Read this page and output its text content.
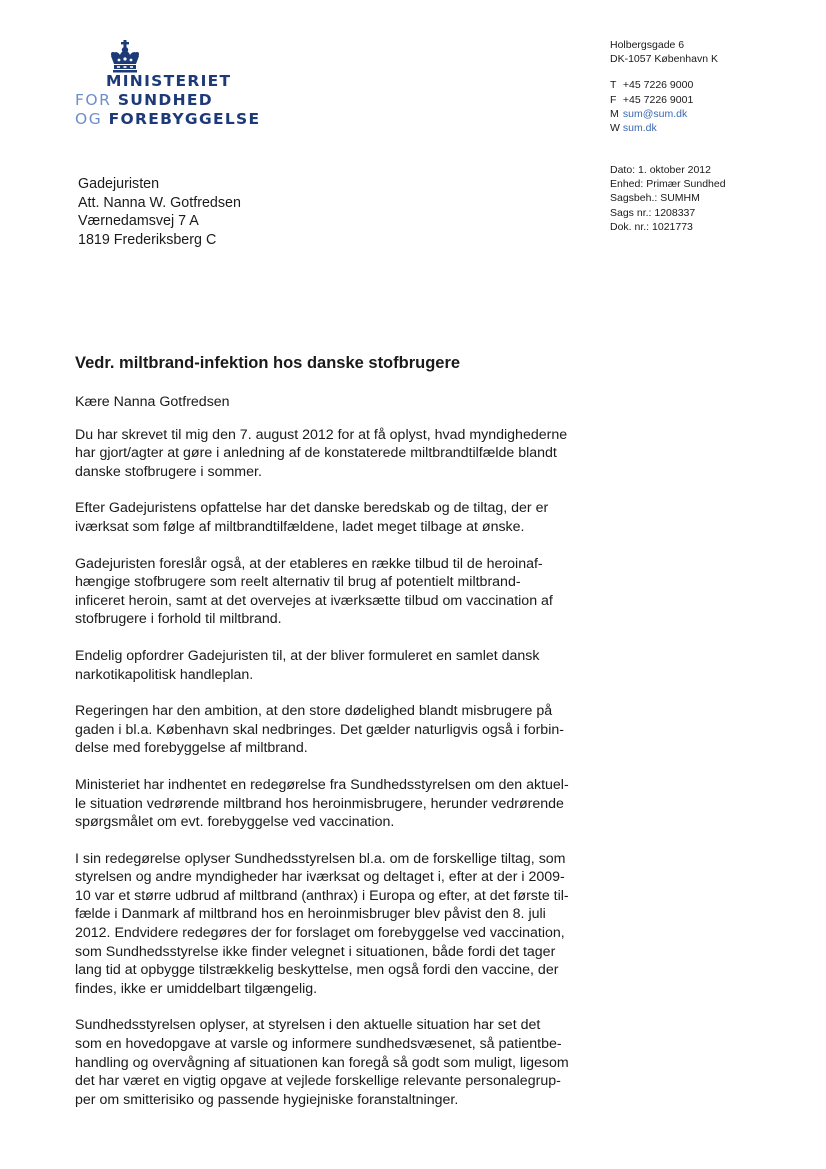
MINISTERIET
FOR SUNDHED
OG FOREBYGGELSE
Holbergsgade 6
DK-1057 København K
T +45 7226 9000
F +45 7226 9001
M sum@sum.dk
W sum.dk
Dato: 1. oktober 2012
Enhed: Primær Sundhed
Sagsbeh.: SUMHM
Sags nr.: 1208337
Dok. nr.: 1021773
Gadejuristen
Att. Nanna W. Gotfredsen
Værnedamsvej 7 A
1819 Frederiksberg C
Vedr. miltbrand-infektion hos danske stofbrugere
Kære Nanna Gotfredsen
Du har skrevet til mig den 7. august 2012 for at få oplyst, hvad myndighederne
har gjort/agter at gøre i anledning af de konstaterede miltbrandtilfælde blandt
danske stofbrugere i sommer.
Efter Gadejuristens opfattelse har det danske beredskab og de tiltag, der er
iværksat som følge af miltbrandtilfældene, ladet meget tilbage at ønske.
Gadejuristen foreslår også, at der etableres en række tilbud til de heroinaf-
hængige stofbrugere som reelt alternativ til brug af potentielt miltbrand-
inficeret heroin, samt at det overvejes at iværksætte tilbud om vaccination af
stofbrugere i forhold til miltbrand.
Endelig opfordrer Gadejuristen til, at der bliver formuleret en samlet dansk
narkotikapolitisk handleplan.
Regeringen har den ambition, at den store dødelighed blandt misbrugere på
gaden i bl.a. København skal nedbringes. Det gælder naturligvis også i forbin-
delse med forebyggelse af miltbrand.
Ministeriet har indhentet en redegørelse fra Sundhedsstyrelsen om den aktuel-
le situation vedrørende miltbrand hos heroinmisbrugere, herunder vedrørende
spørgsmålet om evt. forebyggelse ved vaccination.
I sin redegørelse oplyser Sundhedsstyrelsen bl.a. om de forskellige tiltag, som
styrelsen og andre myndigheder har iværksat og deltaget i, efter at der i 2009-
10 var et større udbrud af miltbrand (anthrax) i Europa og efter, at det første til-
fælde i Danmark af miltbrand hos en heroinmisbruger blev påvist den 8. juli
2012. Endvidere redegøres der for forslaget om forebyggelse ved vaccination,
som Sundhedsstyrelse ikke finder velegnet i situationen, både fordi det tager
lang tid at opbygge tilstrækkelig beskyttelse, men også fordi den vaccine, der
findes, ikke er umiddelbart tilgængelig.
Sundhedsstyrelsen oplyser, at styrelsen i den aktuelle situation har set det
som en hovedopgave at varsle og informere sundhedsvæsenet, så patientbe-
handling og overvågning af situationen kan foregå så godt som muligt, ligesom
det har været en vigtig opgave at vejlede forskellige relevante personalegrup-
per om smitterisiko og passende hygiejniske foranstaltninger.
